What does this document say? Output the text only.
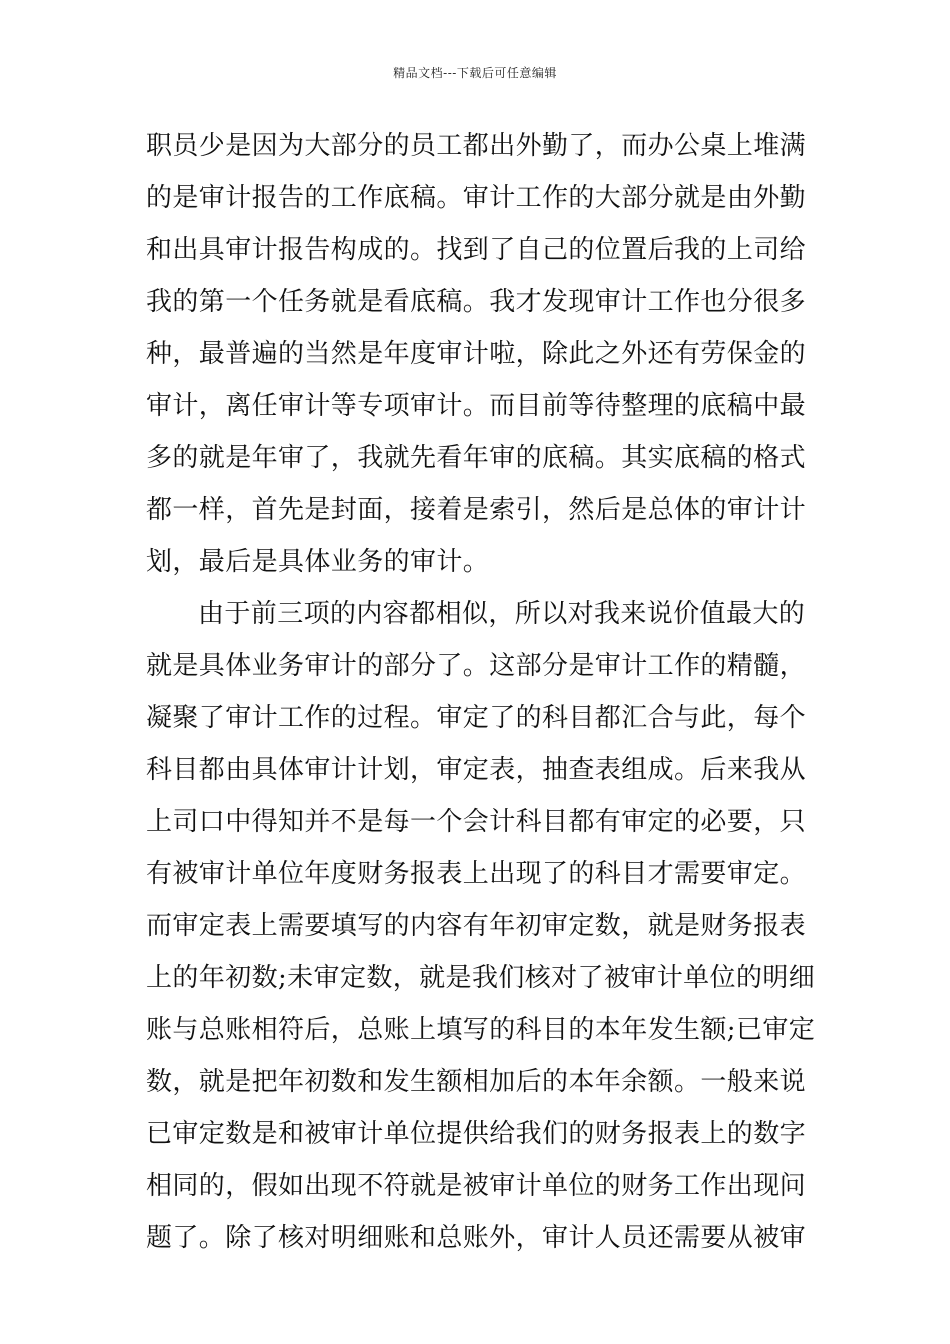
精品文档---下载后可任意编辑
职员少是因为大部分的员工都出外勤了，而办公桌上堆满
的是审计报告的工作底稿。审计工作的大部分就是由外勤
和出具审计报告构成的。找到了自己的位置后我的上司给
我的第一个任务就是看底稿。我才发现审计工作也分很多
种，最普遍的当然是年度审计啦，除此之外还有劳保金的
审计，离任审计等专项审计。而目前等待整理的底稿中最
多的就是年审了，我就先看年审的底稿。其实底稿的格式
都一样，首先是封面，接着是索引，然后是总体的审计计
划，最后是具体业务的审计。
由于前三项的内容都相似，所以对我来说价值最大的
就是具体业务审计的部分了。这部分是审计工作的精髓，
凝聚了审计工作的过程。审定了的科目都汇合与此，每个
科目都由具体审计计划，审定表，抽查表组成。后来我从
上司口中得知并不是每一个会计科目都有审定的必要，只
有被审计单位年度财务报表上出现了的科目才需要审定。
而审定表上需要填写的内容有年初审定数，就是财务报表
上的年初数;未审定数，就是我们核对了被审计单位的明细
账与总账相符后，总账上填写的科目的本年发生额;已审定
数，就是把年初数和发生额相加后的本年余额。一般来说
已审定数是和被审计单位提供给我们的财务报表上的数字
相同的，假如出现不符就是被审计单位的财务工作出现问
题了。除了核对明细账和总账外，审计人员还需要从被审
